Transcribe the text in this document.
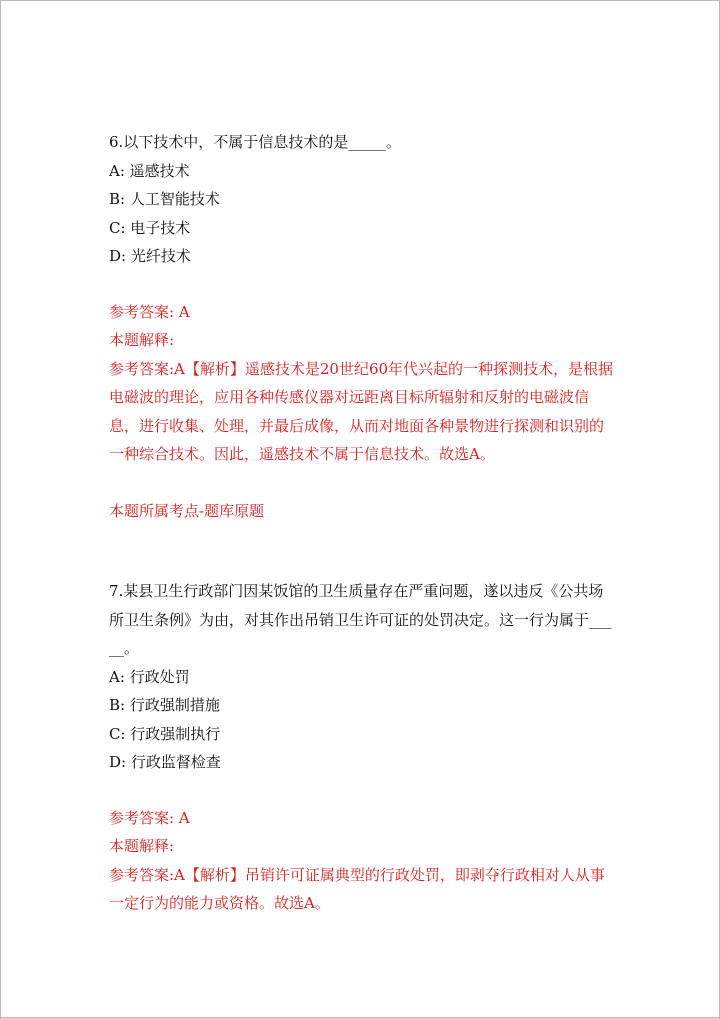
6.以下技术中，不属于信息技术的是_____。
A: 遥感技术
B: 人工智能技术
C: 电子技术
D: 光纤技术
参考答案: A
本题解释:
参考答案:A【解析】遥感技术是20世纪60年代兴起的一种探测技术，是根据电磁波的理论，应用各种传感仪器对远距离目标所辐射和反射的电磁波信息，进行收集、处理，并最后成像，从而对地面各种景物进行探测和识别的一种综合技术。因此，遥感技术不属于信息技术。故选A。
本题所属考点-题库原题
7.某县卫生行政部门因某饭馆的卫生质量存在严重问题，遂以违反《公共场所卫生条例》为由，对其作出吊销卫生许可证的处罚决定。这一行为属于_____。
A: 行政处罚
B: 行政强制措施
C: 行政强制执行
D: 行政监督检查
参考答案: A
本题解释:
参考答案:A【解析】吊销许可证属典型的行政处罚，即剥夺行政相对人从事一定行为的能力或资格。故选A。
